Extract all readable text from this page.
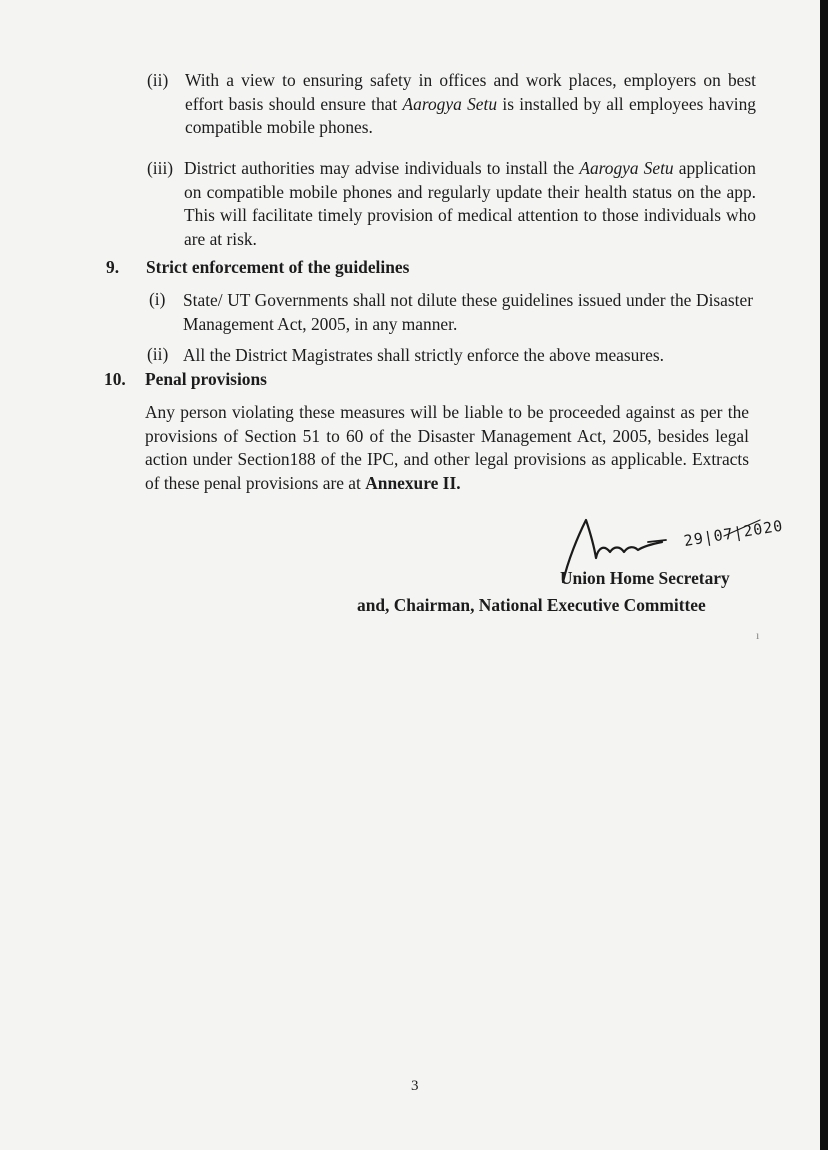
(ii) With a view to ensuring safety in offices and work places, employers on best effort basis should ensure that Aarogya Setu is installed by all employees having compatible mobile phones.
(iii) District authorities may advise individuals to install the Aarogya Setu application on compatible mobile phones and regularly update their health status on the app. This will facilitate timely provision of medical attention to those individuals who are at risk.
9. Strict enforcement of the guidelines
(i) State/ UT Governments shall not dilute these guidelines issued under the Disaster Management Act, 2005, in any manner.
(ii) All the District Magistrates shall strictly enforce the above measures.
10. Penal provisions
Any person violating these measures will be liable to be proceeded against as per the provisions of Section 51 to 60 of the Disaster Management Act, 2005, besides legal action under Section188 of the IPC, and other legal provisions as applicable. Extracts of these penal provisions are at Annexure II.
29|07|2020
Union Home Secretary
and, Chairman, National Executive Committee
ı
3
